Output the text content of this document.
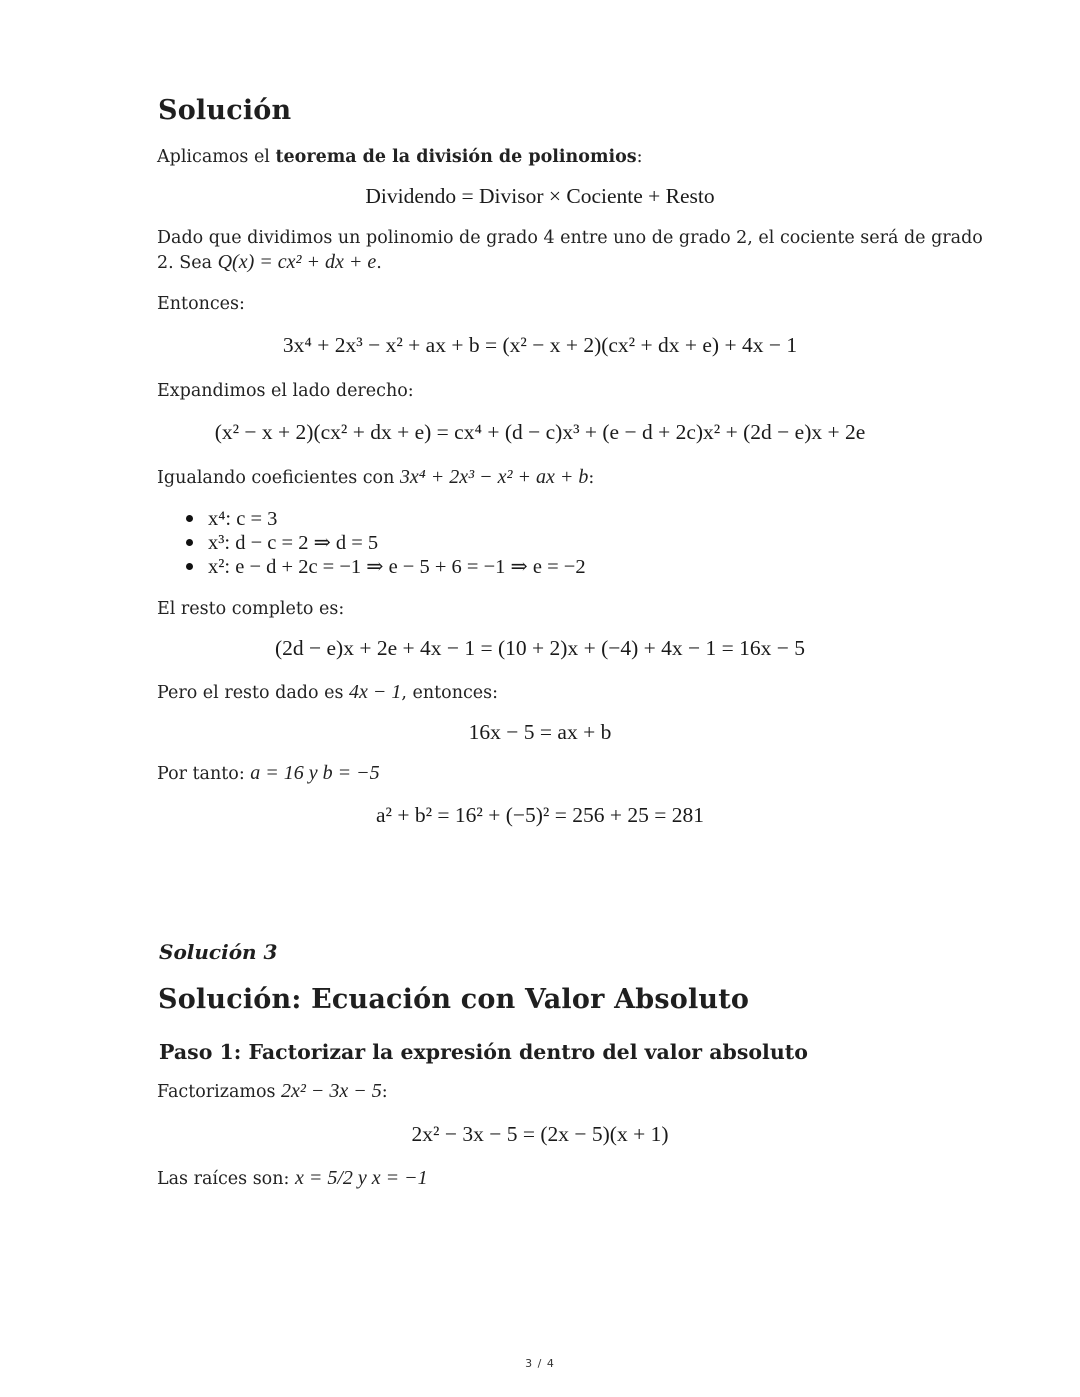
Solución
Aplicamos el teorema de la división de polinomios:
Dividendo = Divisor × Cociente + Resto
Dado que dividimos un polinomio de grado 4 entre uno de grado 2, el cociente será de grado
2. Sea Q(x) = cx² + dx + e.
Entonces:
3x⁴ + 2x³ − x² + ax + b = (x² − x + 2)(cx² + dx + e) + 4x − 1
Expandimos el lado derecho:
(x² − x + 2)(cx² + dx + e) = cx⁴ + (d − c)x³ + (e − d + 2c)x² + (2d − e)x + 2e
Igualando coeficientes con 3x⁴ + 2x³ − x² + ax + b:
x⁴: c = 3
x³: d − c = 2 ⇒ d = 5
x²: e − d + 2c = −1 ⇒ e − 5 + 6 = −1 ⇒ e = −2
El resto completo es:
(2d − e)x + 2e + 4x − 1 = (10 + 2)x + (−4) + 4x − 1 = 16x − 5
Pero el resto dado es 4x − 1, entonces:
16x − 5 = ax + b
Por tanto: a = 16 y b = −5
a² + b² = 16² + (−5)² = 256 + 25 = 281
Solución 3
Solución: Ecuación con Valor Absoluto
Paso 1: Factorizar la expresión dentro del valor absoluto
Factorizamos 2x² − 3x − 5:
2x² − 3x − 5 = (2x − 5)(x + 1)
Las raíces son: x = 5/2 y x = −1
3 / 4
